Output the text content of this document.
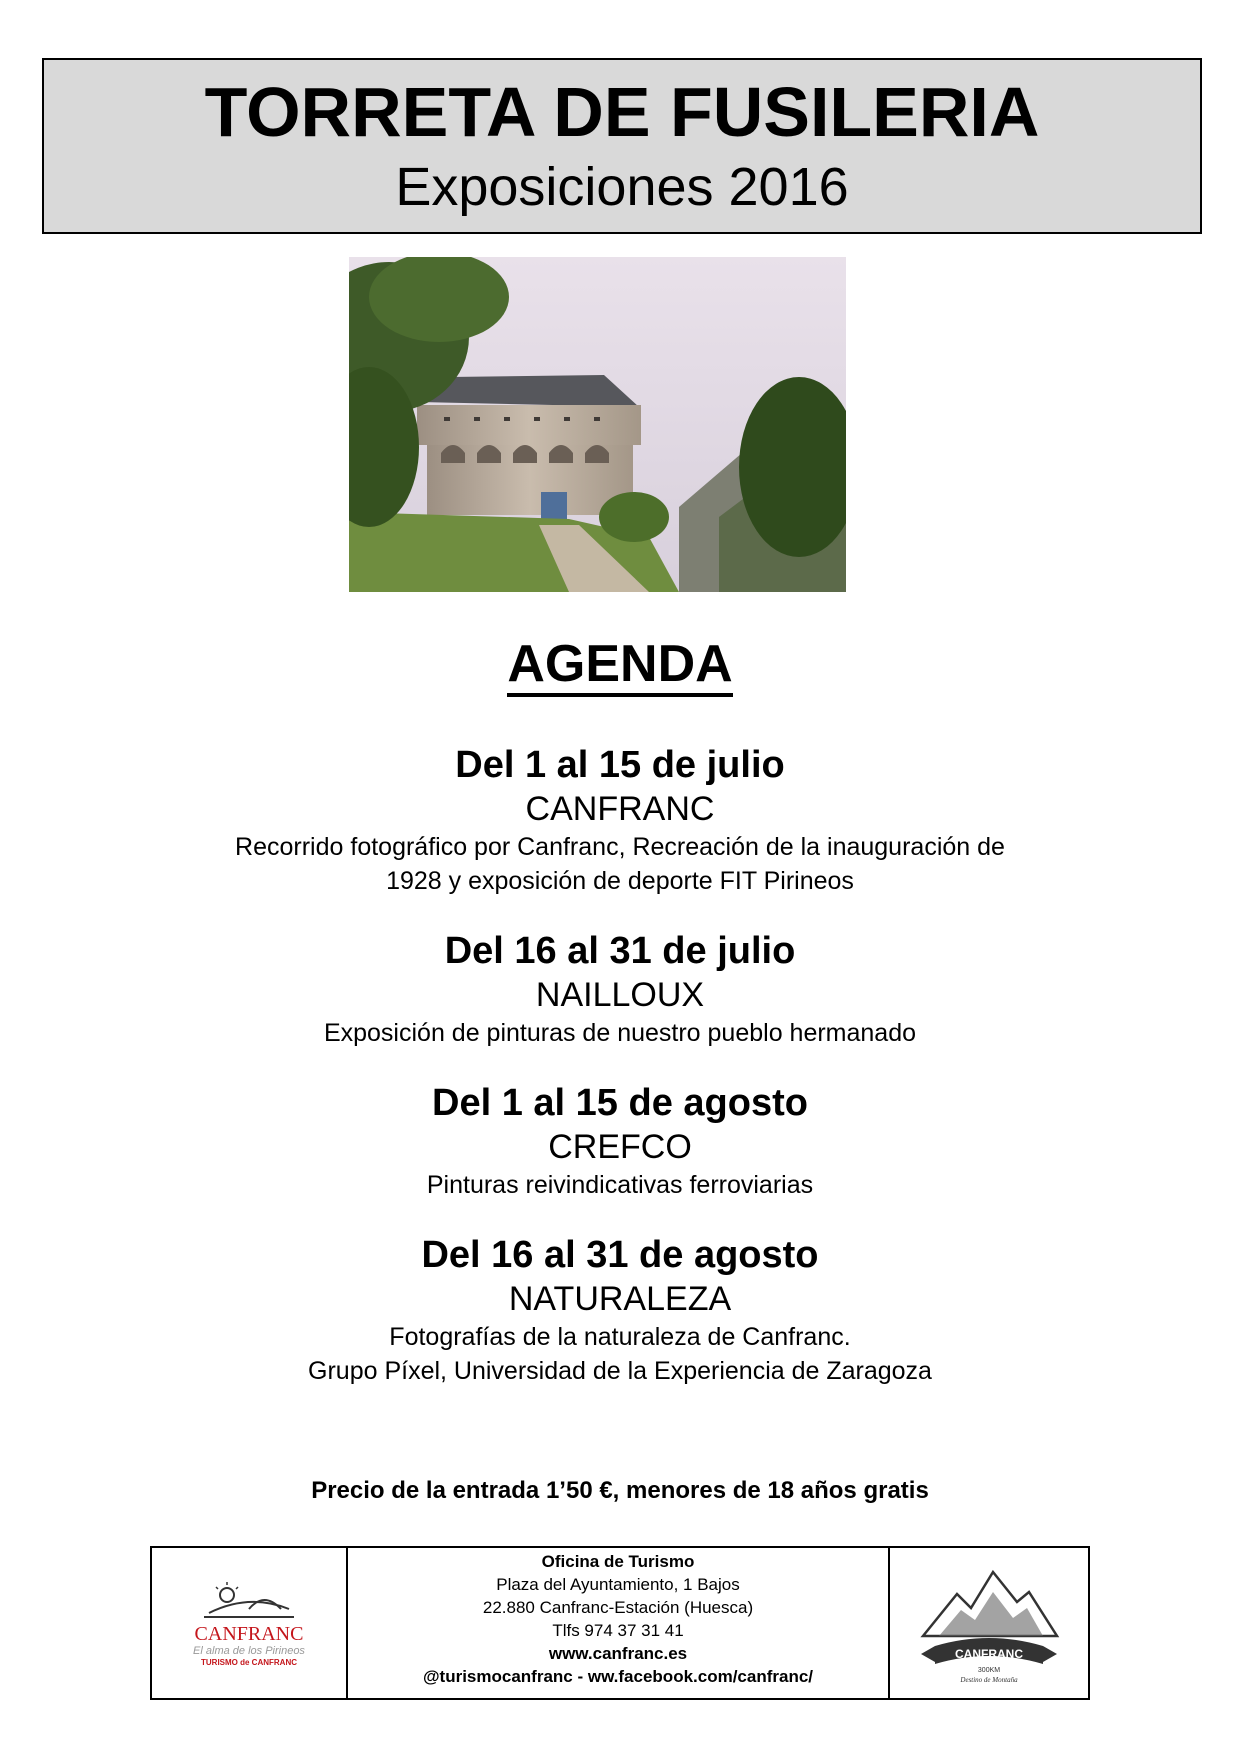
TORRETA DE FUSILERIA
Exposiciones 2016
AGENDA
Del 1 al 15 de julio
CANFRANC
Recorrido fotográfico por Canfranc, Recreación de la inauguración de
1928 y exposición de deporte FIT Pirineos
Del 16 al 31 de julio
NAILLOUX
Exposición de pinturas de nuestro pueblo hermanado
Del 1 al 15 de agosto
CREFCO
Pinturas reivindicativas ferroviarias
Del 16 al 31 de agosto
NATURALEZA
Fotografías de la naturaleza de Canfranc.
Grupo Píxel, Universidad de la Experiencia de Zaragoza
Precio de la entrada 1’50 €, menores de 18 años gratis
CANFRANC
El alma de los Pirineos
TURISMO de CANFRANC
Oficina de Turismo
Plaza del Ayuntamiento, 1 Bajos
22.880 Canfranc-Estación (Huesca)
Tlfs 974 37 31 41
www.canfranc.es
@turismocanfranc - ww.facebook.com/canfranc/
CANFRANC
300KM
Destino de Montaña
